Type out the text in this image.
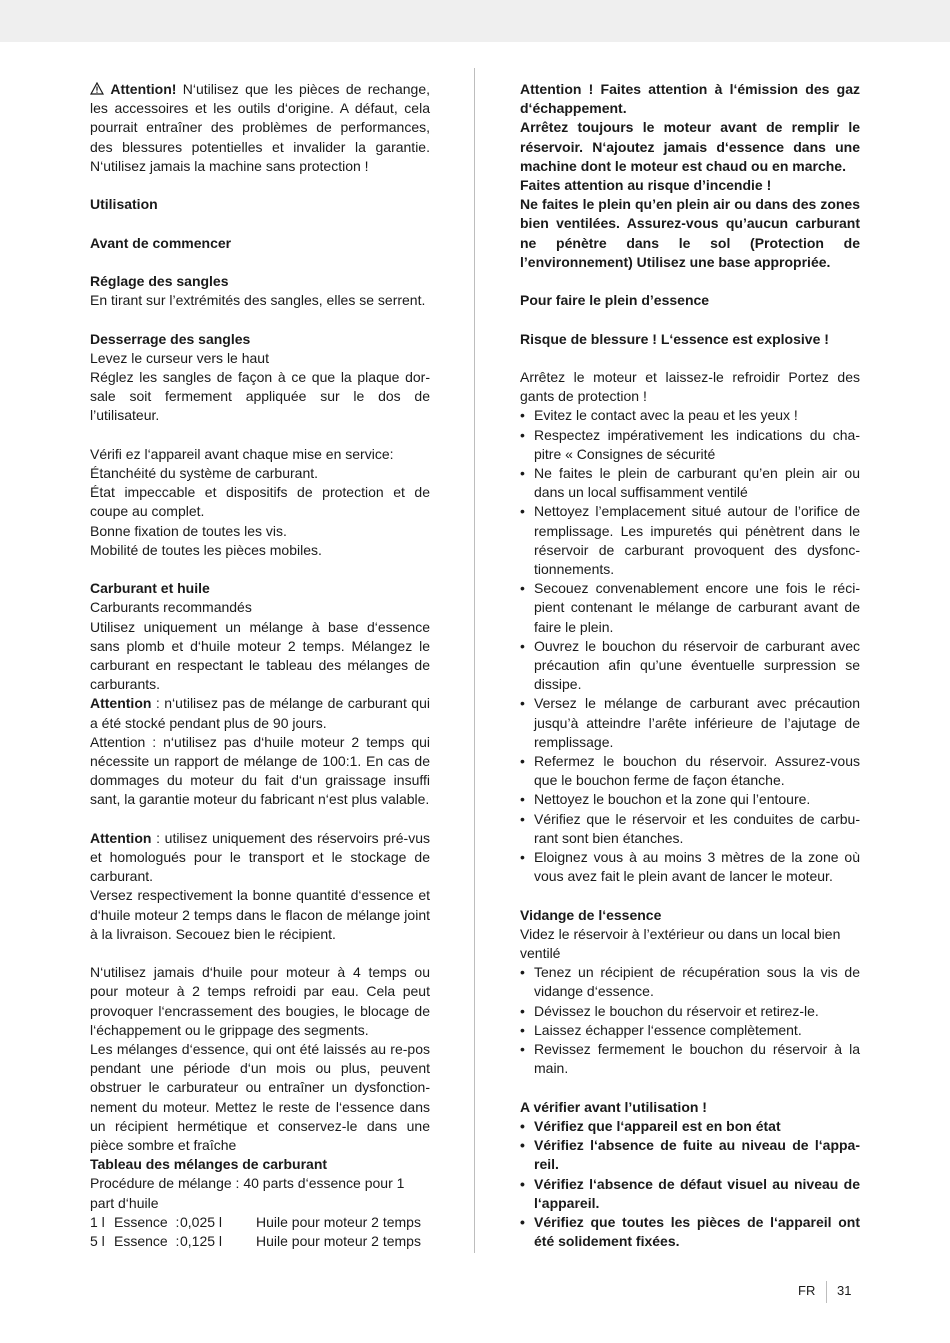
Attention! N‘utilisez que les pièces de rechange, les accessoires et les outils d‘origine. A défaut, cela pourrait entraîner des problèmes de performances, des blessures potentielles et invalider la garantie. N‘utilisez jamais la machine sans protection !

Utilisation

Avant de commencer

Réglage des sangles

En tirant sur l’extrémités des sangles, elles se serrent.

Desserrage des sangles

Levez le curseur vers le haut

Réglez les sangles de façon à ce que la plaque dor-sale soit fermement appliquée sur le dos de l’utilisateur.

Vérifi ez l‘appareil avant chaque mise en service:

Étanchéité du système de carburant.

État impeccable et dispositifs de protection et de coupe au complet.

Bonne fixation de toutes les vis.

Mobilité de toutes les pièces mobiles.

Carburant et huile

Carburants recommandés

Utilisez uniquement un mélange à base d‘essence sans plomb et d‘huile moteur 2 temps. Mélangez le carburant en respectant le tableau des mélanges de carburants.

Attention : n‘utilisez pas de mélange de carburant qui a été stocké pendant plus de 90 jours.

Attention : n‘utilisez pas d‘huile moteur 2 temps qui nécessite un rapport de mélange de 100:1. En cas de dommages du moteur du fait d‘un graissage insuffi sant, la garantie moteur du fabricant n‘est plus valable.

Attention : utilisez uniquement des réservoirs pré-vus et homologués pour le transport et le stockage de carburant.

Versez respectivement la bonne quantité d‘essence et d‘huile moteur 2 temps dans le flacon de mélange joint à la livraison. Secouez bien le récipient.

N‘utilisez jamais d‘huile pour moteur à 4 temps ou pour moteur à 2 temps refroidi par eau. Cela peut provoquer l‘encrassement des bougies, le blocage de l‘échappement ou le grippage des segments.

Les mélanges d‘essence, qui ont été laissés au re-pos pendant une période d‘un mois ou plus, peuvent obstruer le carburateur ou entraîner un dysfonction-nement du moteur. Mettez le reste de l‘essence dans un récipient hermétique et conservez-le dans une pièce sombre et fraîche

Tableau des mélanges de carburant

Procédure de mélange : 40 parts d‘essence pour 1 part d‘huile

1 l Essence  : 0,025 l	Huile pour moteur 2 temps
5 l Essence  : 0,125 l	Huile pour moteur 2 temps

Attention ! Faites attention à l‘émission des gaz d‘échappement.

Arrêtez toujours le moteur avant de remplir le réservoir. N‘ajoutez jamais d‘essence dans une machine dont le moteur est chaud ou en marche.

Faites attention au risque d’incendie !

Ne faites le plein qu’en plein air ou dans des zones bien ventilées. Assurez-vous qu’aucun carburant ne pénètre dans le sol (Protection de l’environnement) Utilisez une base appropriée.

Pour faire le plein d’essence

Risque de blessure ! L‘essence est explosive !

Arrêtez le moteur et laissez-le refroidir Portez des gants de protection !

• Evitez le contact avec la peau et les yeux !
• Respectez impérativement les indications du cha-pitre « Consignes de sécurité
• Ne faites le plein de carburant qu’en plein air ou dans un local suffisamment ventilé
• Nettoyez l’emplacement situé autour de l’orifice de remplissage. Les impuretés qui pénètrent dans le réservoir de carburant provoquent des dysfonc-tionnements.
• Secouez convenablement encore une fois le réci-pient contenant le mélange de carburant avant de faire le plein.
• Ouvrez le bouchon du réservoir de carburant avec précaution afin qu’une éventuelle surpression se dissipe.
• Versez le mélange de carburant avec précaution jusqu’à atteindre l’arête inférieure de l’ajutage de remplissage.
• Refermez le bouchon du réservoir. Assurez-vous que le bouchon ferme de façon étanche.
• Nettoyez le bouchon et la zone qui l’entoure.
• Vérifiez que le réservoir et les conduites de carbu-rant sont bien étanches.
• Eloignez vous à au moins 3 mètres de la zone où vous avez fait le plein avant de lancer le moteur.

Vidange de l‘essence

Videz le réservoir à l’extérieur ou dans un local bien ventilé

• Tenez un récipient de récupération sous la vis de vidange d‘essence.
• Dévissez le bouchon du réservoir et retirez-le.
• Laissez échapper l‘essence complètement.
• Revissez fermement le bouchon du réservoir à la main.

A vérifier avant l’utilisation !

• Vérifiez que l‘appareil est en bon état
• Vérifiez l‘absence de fuite au niveau de l‘appa-reil.
• Vérifiez l‘absence de défaut visuel au niveau de l‘appareil.
• Vérifiez que toutes les pièces de l‘appareil ont été solidement fixées.
FR 31
